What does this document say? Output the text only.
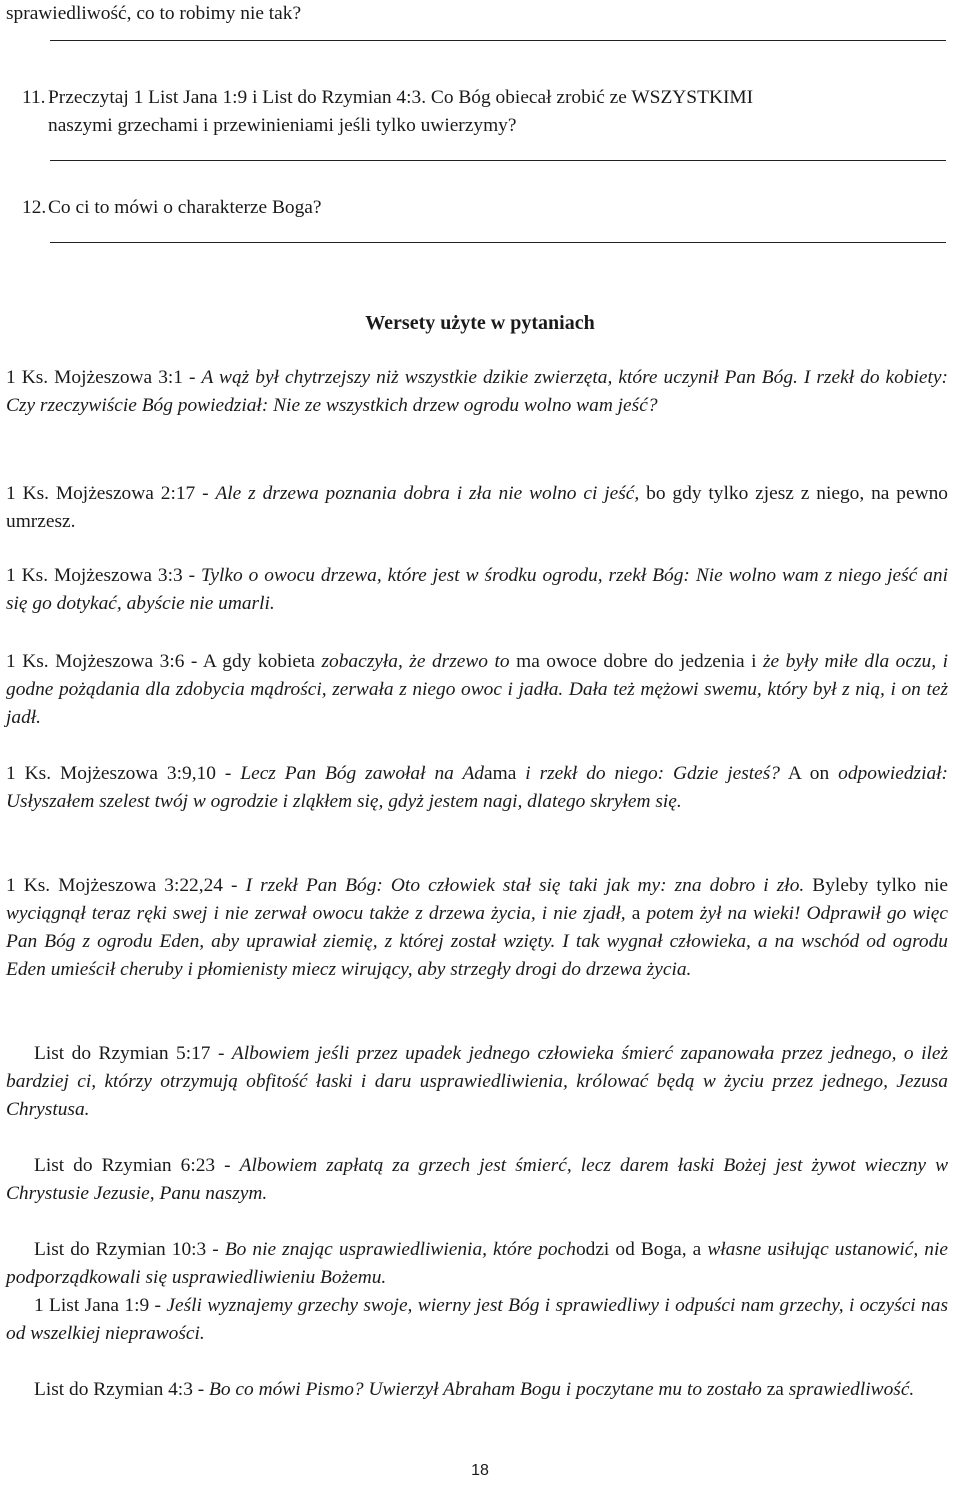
sprawiedliwość, co to robimy nie tak?
11. Przeczytaj 1 List Jana 1:9 i List do Rzymian 4:3. Co Bóg obiecał zrobić ze WSZYSTKIMI
naszymi grzechami i przewinieniami jeśli tylko uwierzymy?
12.Co ci to mówi o charakterze Boga?
Wersety użyte w pytaniach
1 Ks. Mojżeszowa 3:1 - A wąż był chytrzejszy niż wszystkie dzikie zwierzęta, które uczynił Pan Bóg. I rzekł do kobiety: Czy rzeczywiście Bóg powiedział: Nie ze wszystkich drzew ogrodu wolno wam jeść?
1 Ks. Mojżeszowa 2:17 - Ale z drzewa poznania dobra i zła nie wolno ci jeść, bo gdy tylko zjesz z niego, na pewno umrzesz.
1 Ks. Mojżeszowa 3:3 - Tylko o owocu drzewa, które jest w środku ogrodu, rzekł Bóg: Nie wolno wam z niego jeść ani się go dotykać, abyście nie umarli.
1 Ks. Mojżeszowa 3:6 - A gdy kobieta zobaczyła, że drzewo to ma owoce dobre do jedzenia i że były miłe dla oczu, i godne pożądania dla zdobycia mądrości, zerwała z niego owoc i jadła. Dała też mężowi swemu, który był z nią, i on też jadł.
1 Ks. Mojżeszowa 3:9,10 - Lecz Pan Bóg zawołał na Adama i rzekł do niego: Gdzie jesteś? A on odpowiedział: Usłyszałem szelest twój w ogrodzie i zląkłem się, gdyż jestem nagi, dlatego skryłem się.
1 Ks. Mojżeszowa 3:22,24 - I rzekł Pan Bóg: Oto człowiek stał się taki jak my: zna dobro i zło. Byleby tylko nie wyciągnął teraz ręki swej i nie zerwał owocu także z drzewa życia, i nie zjadł, a potem żył na wieki! Odprawił go więc Pan Bóg z ogrodu Eden, aby uprawiał ziemię, z której został wzięty. I tak wygnał człowieka, a na wschód od ogrodu Eden umieścił cheruby i płomienisty miecz wirujący, aby strzegły drogi do drzewa życia.
List do Rzymian 5:17 - Albowiem jeśli przez upadek jednego człowieka śmierć zapanowała przez jednego, o ileż bardziej ci, którzy otrzymują obfitość łaski i daru usprawiedliwienia, królować będą w życiu przez jednego, Jezusa Chrystusa.
List do Rzymian 6:23 - Albowiem zapłatą za grzech jest śmierć, lecz darem łaski Bożej jest żywot wieczny w Chrystusie Jezusie, Panu naszym.
List do Rzymian 10:3 - Bo nie znając usprawiedliwienia, które pochodzi od Boga, a własne usiłując ustanowić, nie podporządkowali się usprawiedliwieniu Bożemu.
1 List Jana 1:9 - Jeśli wyznajemy grzechy swoje, wierny jest Bóg i sprawiedliwy i odpuści nam grzechy, i oczyści nas od wszelkiej nieprawości.
List do Rzymian 4:3 - Bo co mówi Pismo? Uwierzył Abraham Bogu i poczytane mu to zostało za sprawiedliwość.
18
